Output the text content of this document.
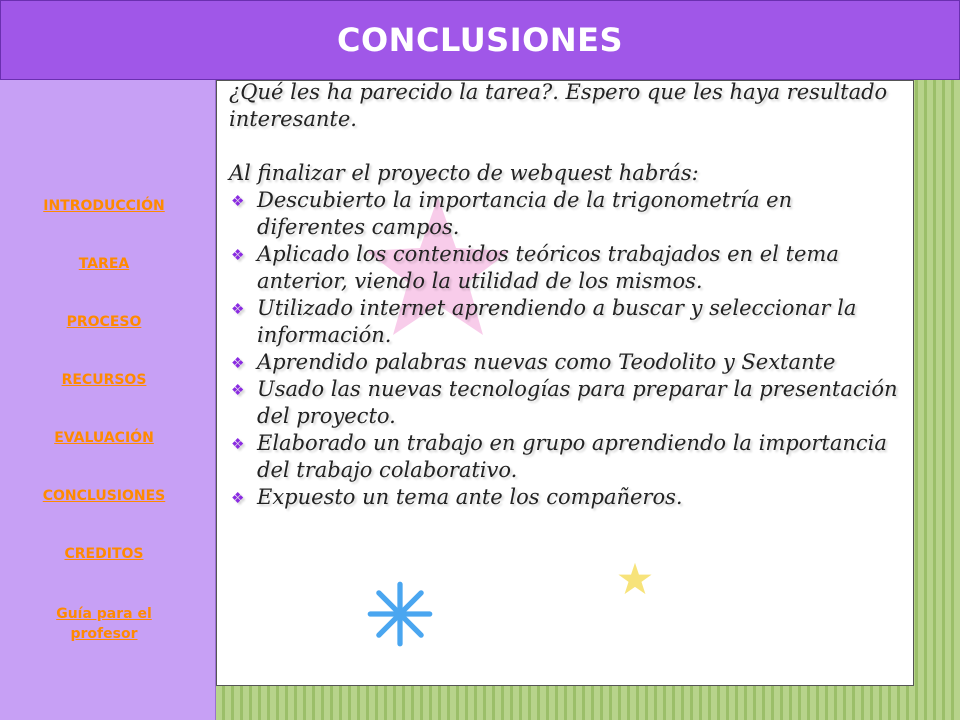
CONCLUSIONES
INTRODUCCIÓN
TAREA
PROCESO
RECURSOS
EVALUACIÓN
CONCLUSIONES
CREDITOS
Guía para el profesor

¿Qué les ha parecido la tarea?. Espero que les haya resultado interesante.

Al finalizar el proyecto de webquest habrás:

❖ Descubierto la importancia de la trigonometría en diferentes campos.
❖ Aplicado los contenidos teóricos trabajados en el tema anterior, viendo la utilidad de los mismos.
❖ Utilizado internet aprendiendo a buscar y seleccionar la información.
❖ Aprendido palabras nuevas como Teodolito y Sextante
❖ Usado las nuevas tecnologías para preparar la presentación del proyecto.
❖ Elaborado un trabajo en grupo aprendiendo la importancia del trabajo colaborativo.
❖ Expuesto un tema ante los compañeros.
